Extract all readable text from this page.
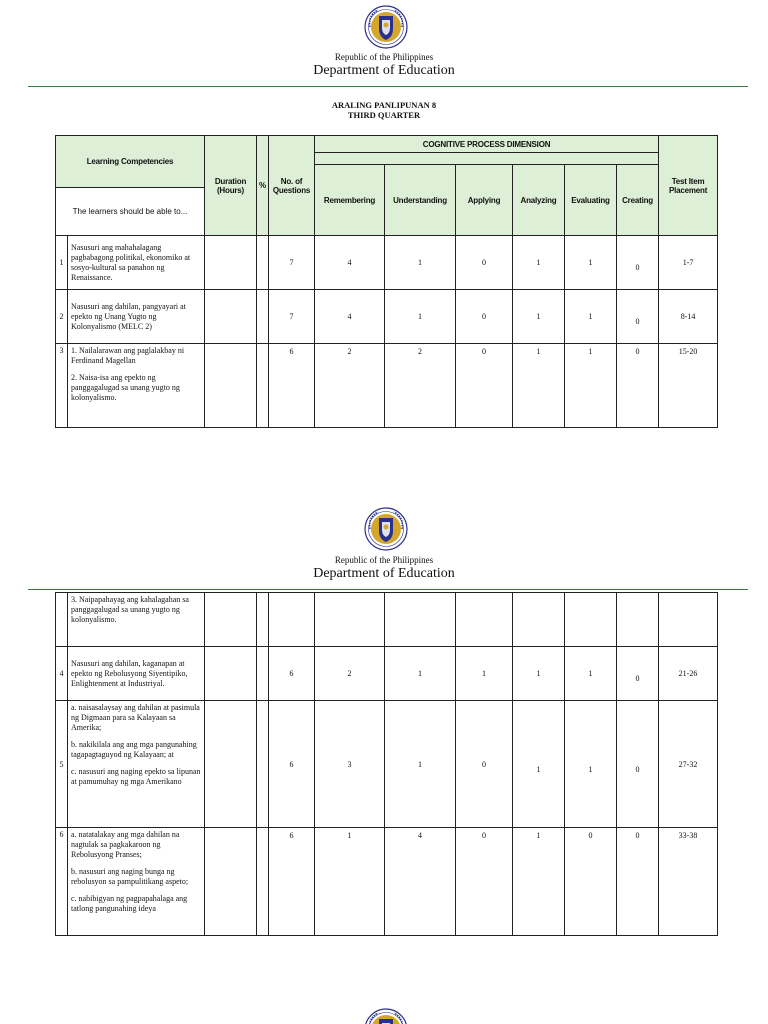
Republic of the Philippines
Department of Education
ARALING PANLIPUNAN 8
THIRD QUARTER
Learning Competencies		Duration (Hours)	%	No. of Questions	COGNITIVE PROCESS DIMENSION						Test Item Placement

					Remembering	Understanding	Applying	Analyzing	Evaluating	Creating	
The learners should be able to...											
1	Nasusuri ang mahahalagang pagbabagong politikal, ekonomiko at sosyo-kultural sa panahon ng Renaissance.			7	4	1	0	1	1	0	1-7
2	Nasusuri ang dahilan, pangyayari at epekto ng Unang Yugto ng Kolonyalismo (MELC 2)			7	4	1	0	1	1	0	8-14
3	1. Nailalarawan ang paglalakbay ni Ferdinand Magellan

2. Naisa-isa ang epekto ng panggagalugad sa unang yugto ng kolonyalismo.			6	2	2	0	1	1	0	15-20
Republic of the Philippines
Department of Education

	3. Naipapahayag ang kahalagahan sa panggagalugad sa unang yugto ng kolonyalismo.										

4	Nasusuri ang dahilan, kaganapan at epekto ng Rebolusyong Siyentipiko, Enlightenment at Industriyal.			6	2	1	1	1	1	0	21-26
5	a. naisasalaysay ang dahilan at pasimula ng Digmaan para sa Kalayaan sa Amerika;

b. nakikilala ang ang mga pangunahing tagapagtaguyod ng Kalayaan; at

c. nasusuri ang naging epekto sa lipunan at pamumuhay ng mga Amerikano			6	3	1	0	1	1	0	27-32
6	a. natatalakay ang mga dahilan na nagtulak sa pagkakaroon ng Rebolusyong Pranses;

b. nasusuri ang naging bunga ng rebolusyon sa pampulitikang aspeto;

c. nabibigyan ng pagpapahalaga ang tatlong pangunahing ideya			6	1	4	0	1	0	0	33-38
